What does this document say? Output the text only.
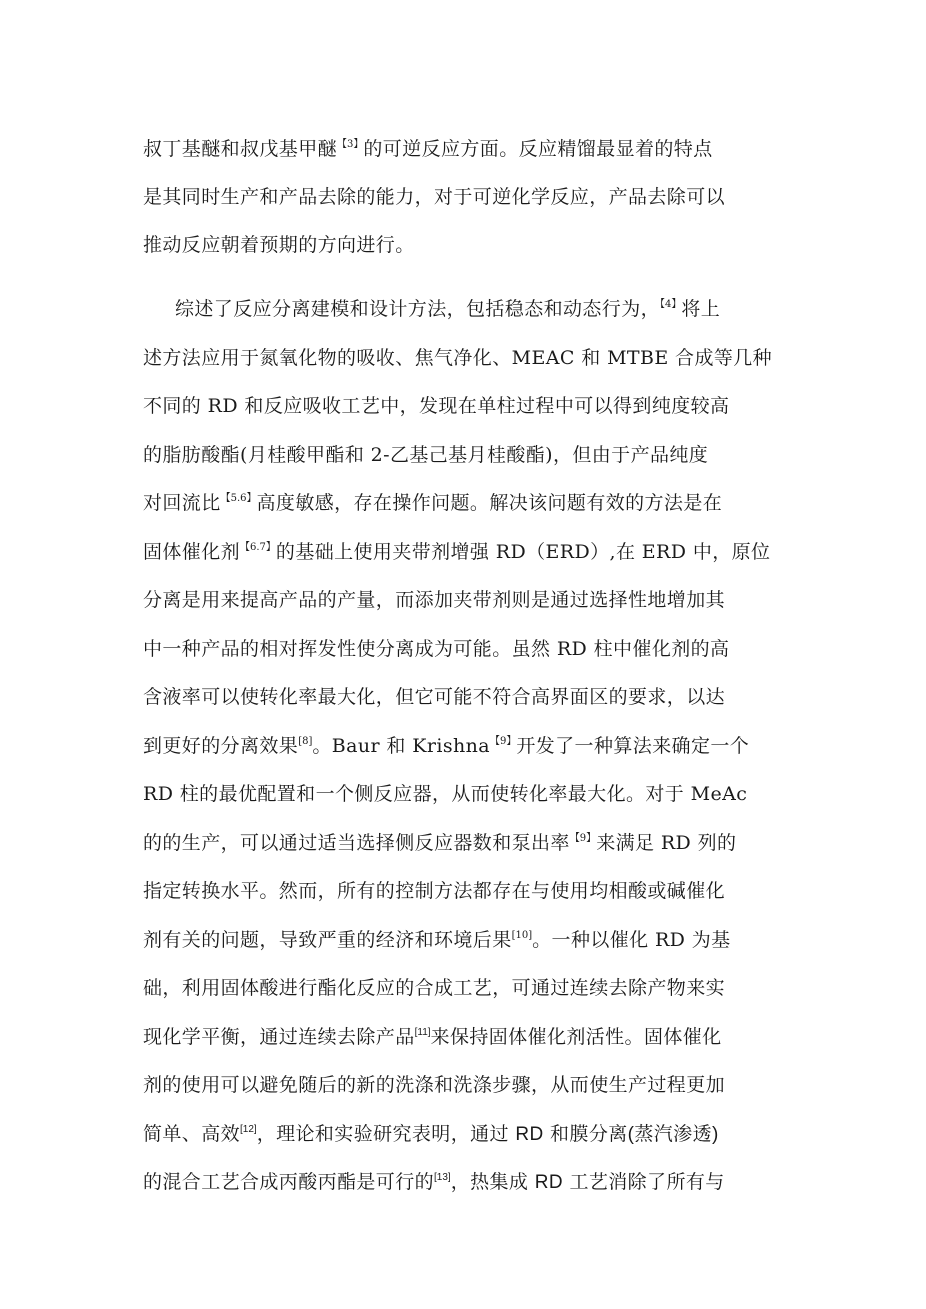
叔丁基醚和叔戊基甲醚$^{【3】}$的可逆反应方面。反应精馏最显着的特点
是其同时生产和产品去除的能力，对于可逆化学反应，产品去除可以
推动反应朝着预期的方向进行。
综述了反应分离建模和设计方法，包括稳态和动态行为，$^{【4】}$将上
述方法应用于氮氧化物的吸收、焦气净化、MEAC 和 MTBE 合成等几种
不同的 RD 和反应吸收工艺中，发现在单柱过程中可以得到纯度较高
的脂肪酸酯(月桂酸甲酯和 2-乙基己基月桂酸酯)，但由于产品纯度
对回流比$^{【5.6】}$高度敏感，存在操作问题。解决该问题有效的方法是在
固体催化剂$^{【6.7】}$的基础上使用夹带剂增强 RD（ERD）,在 ERD 中，原位
分离是用来提高产品的产量，而添加夹带剂则是通过选择性地增加其
中一种产品的相对挥发性使分离成为可能。虽然 RD 柱中催化剂的高
含液率可以使转化率最大化，但它可能不符合高界面区的要求，以达
到更好的分离效果[8]。Baur 和 Krishna$^{【9】}$开发了一种算法来确定一个
RD 柱的最优配置和一个侧反应器，从而使转化率最大化。对于 MeAc
的的生产，可以通过适当选择侧反应器数和泵出率$^{【9】}$来满足 RD 列的
指定转换水平。然而，所有的控制方法都存在与使用均相酸或碱催化
剂有关的问题，导致严重的经济和环境后果[10]。一种以催化 RD 为基
础，利用固体酸进行酯化反应的合成工艺，可通过连续去除产物来实
现化学平衡，通过连续去除产品[11]来保持固体催化剂活性。固体催化
剂的使用可以避免随后的新的洗涤和洗涤步骤，从而使生产过程更加
简单、高效[12]，理论和实验研究表明，通过 RD 和膜分离(蒸汽渗透)
的混合工艺合成丙酸丙酯是可行的[13]，热集成 RD 工艺消除了所有与
